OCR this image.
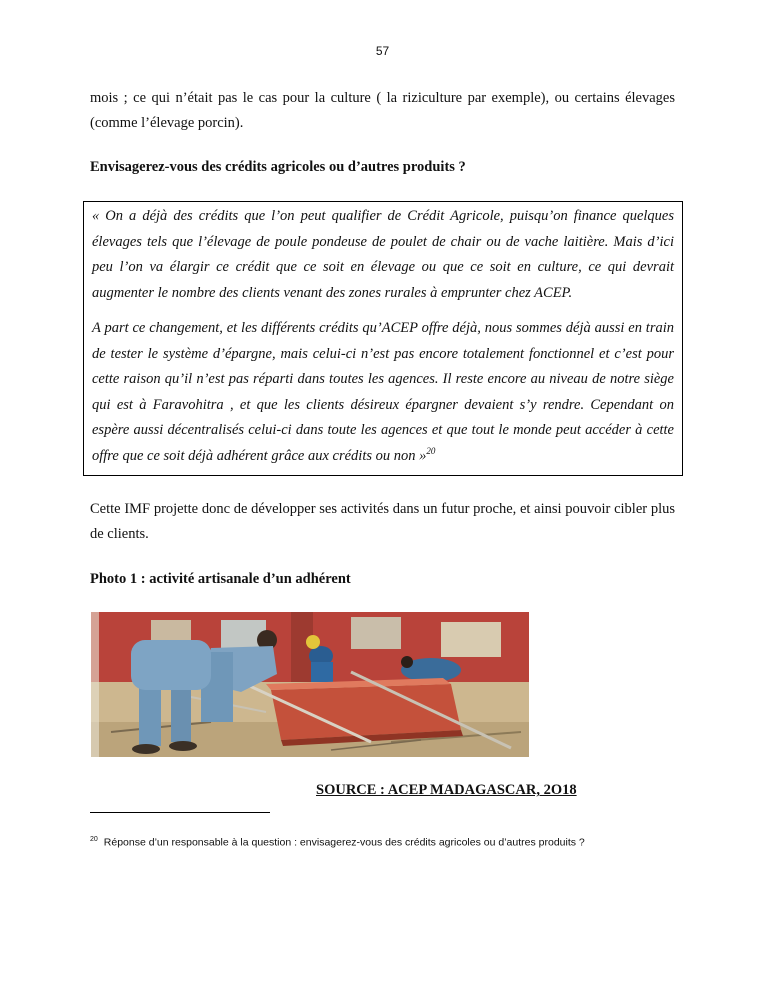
57

mois ; ce qui n’était pas le cas pour la culture ( la riziculture par exemple), ou certains élevages (comme l’élevage porcin).

Envisagerez-vous des crédits agricoles ou d’autres produits ?

« On a déjà des crédits que l’on peut qualifier de Crédit Agricole, puisqu’on finance quelques élevages tels que l’élevage de poule pondeuse de poulet de chair ou de vache laitière. Mais d’ici peu l’on va élargir ce crédit que ce soit en élevage ou que ce soit en culture, ce qui devrait augmenter le nombre des clients venant des zones rurales à emprunter chez ACEP.

A part ce changement, et les différents crédits qu’ACEP offre déjà, nous sommes déjà aussi en train de tester le système d’épargne, mais celui-ci n’est pas encore totalement fonctionnel et c’est pour cette raison qu’il n’est pas réparti dans toutes les agences. Il reste encore au niveau de notre siège qui est à Faravohitra , et que les clients désireux épargner devaient s’y rendre. Cependant on espère aussi décentralisés celui-ci dans toute les agences et que tout le monde peut accéder à cette offre que ce soit déjà adhérent grâce aux crédits ou non »$^{20}$

Cette IMF projette donc de développer ses activités dans un futur proche, et ainsi pouvoir cibler plus de clients.

Photo 1 : activité artisanale d’un adhérent

SOURCE : ACEP MADAGASCAR, 2O18
$^{20}$ Réponse d’un responsable à la question : envisagerez-vous des crédits agricoles ou d’autres produits ?
